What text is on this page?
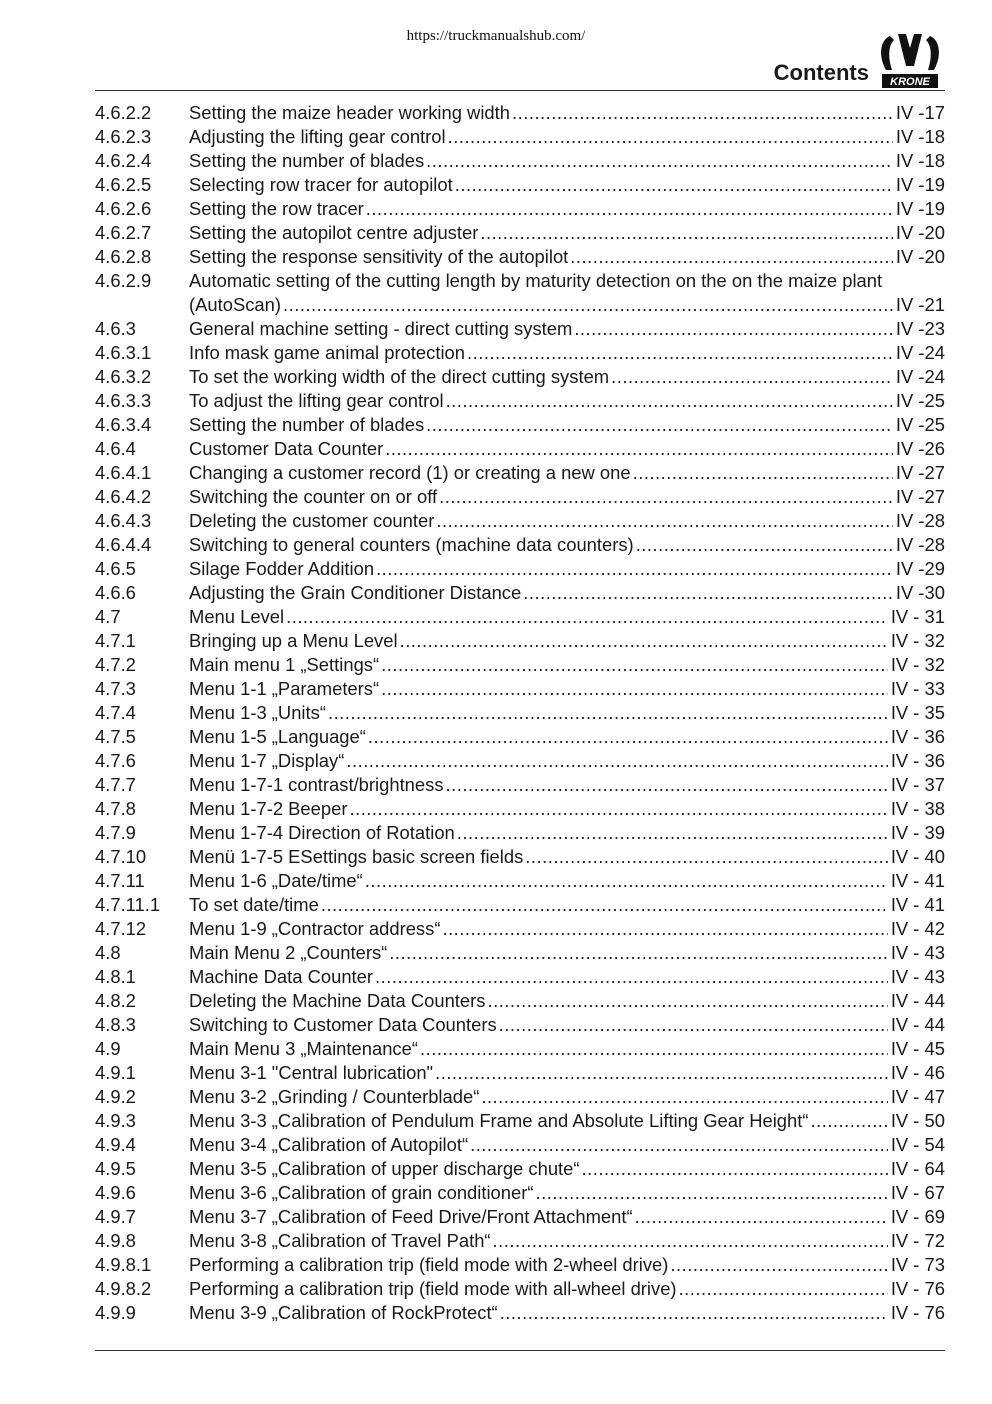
https://truckmanualshub.com/
Contents KRONE
4.6.2.2 Setting the maize header working width .....	IV -17
4.6.2.3 Adjusting the lifting gear control .....	IV -18
4.6.2.4 Setting the number of blades .....	IV -18
4.6.2.5 Selecting row tracer for autopilot .....	IV -19
4.6.2.6 Setting the row tracer .....	IV -19
4.6.2.7 Setting the autopilot centre adjuster .....	IV -20
4.6.2.8 Setting the response sensitivity of the autopilot .....	IV -20
4.6.2.9 Automatic setting of the cutting length by maturity detection on the on the maize plant
(AutoScan) .....	IV -21
4.6.3	General machine setting - direct cutting system .....	IV -23
4.6.3.1 Info mask game animal protection .....	IV -24
4.6.3.2 To set the working width of the direct cutting system .....	IV -24
4.6.3.3 To adjust the lifting gear control .....	IV -25
4.6.3.4 Setting the number of blades .....	IV -25
4.6.4	Customer Data Counter .....	IV -26
4.6.4.1 Changing a customer record (1) or creating a new one .....	IV -27
4.6.4.2 Switching the counter on or off .....	IV -27
4.6.4.3 Deleting the customer counter .....	IV -28
4.6.4.4 Switching to general counters (machine data counters) .....	IV -28
4.6.5	Silage Fodder Addition .....	IV -29
4.6.6	Adjusting the Grain Conditioner Distance .....	IV -30
4.7	Menu Level .....	IV - 31
4.7.1	Bringing up a Menu Level .....	IV - 32
4.7.2	Main menu 1 „Settings“ .....	IV - 32
4.7.3	Menu 1-1 „Parameters“ .....	IV - 33
4.7.4	Menu 1-3 „Units“ .....	IV - 35
4.7.5	Menu 1-5 „Language“ .....	IV - 36
4.7.6	Menu 1-7 „Display“ .....	IV - 36
4.7.7	Menu 1-7-1 contrast/brightness .....	IV - 37
4.7.8	Menu 1-7-2 Beeper .....	IV - 38
4.7.9	Menu 1-7-4 Direction of Rotation .....	IV - 39
4.7.10 Menü 1-7-5 ESettings basic screen fields .....	IV - 40
4.7.11 Menu 1-6 „Date/time“ .....	IV - 41
4.7.11.1 To set date/time .....	IV - 41
4.7.12 Menu 1-9 „Contractor address“ .....	IV - 42
4.8	Main Menu 2 „Counters“ .....	IV - 43
4.8.1	Machine Data Counter .....	IV - 43
4.8.2	Deleting the Machine Data Counters .....	IV - 44
4.8.3	Switching to Customer Data Counters .....	IV - 44
4.9	Main Menu 3 „Maintenance“ .....	IV - 45
4.9.1	Menu 3-1 "Central lubrication" .....	IV - 46
4.9.2	Menu 3-2 „Grinding / Counterblade“ .....	IV - 47
4.9.3	Menu 3-3 „Calibration of Pendulum Frame and Absolute Lifting Gear Height“ .....	IV - 50
4.9.4	Menu 3-4 „Calibration of Autopilot“ .....	IV - 54
4.9.5	Menu 3-5 „Calibration of upper discharge chute“ .....	IV - 64
4.9.6	Menu 3-6 „Calibration of grain conditioner“ .....	IV - 67
4.9.7	Menu 3-7 „Calibration of Feed Drive/Front Attachment“ .....	IV - 69
4.9.8	Menu 3-8 „Calibration of Travel Path“ .....	IV - 72
4.9.8.1 Performing a calibration trip (field mode with 2-wheel drive) .....	IV - 73
4.9.8.2 Performing a calibration trip (field mode with all-wheel drive) .....	IV - 76
4.9.9	Menu 3-9 „Calibration of RockProtect“ .....	IV - 76
